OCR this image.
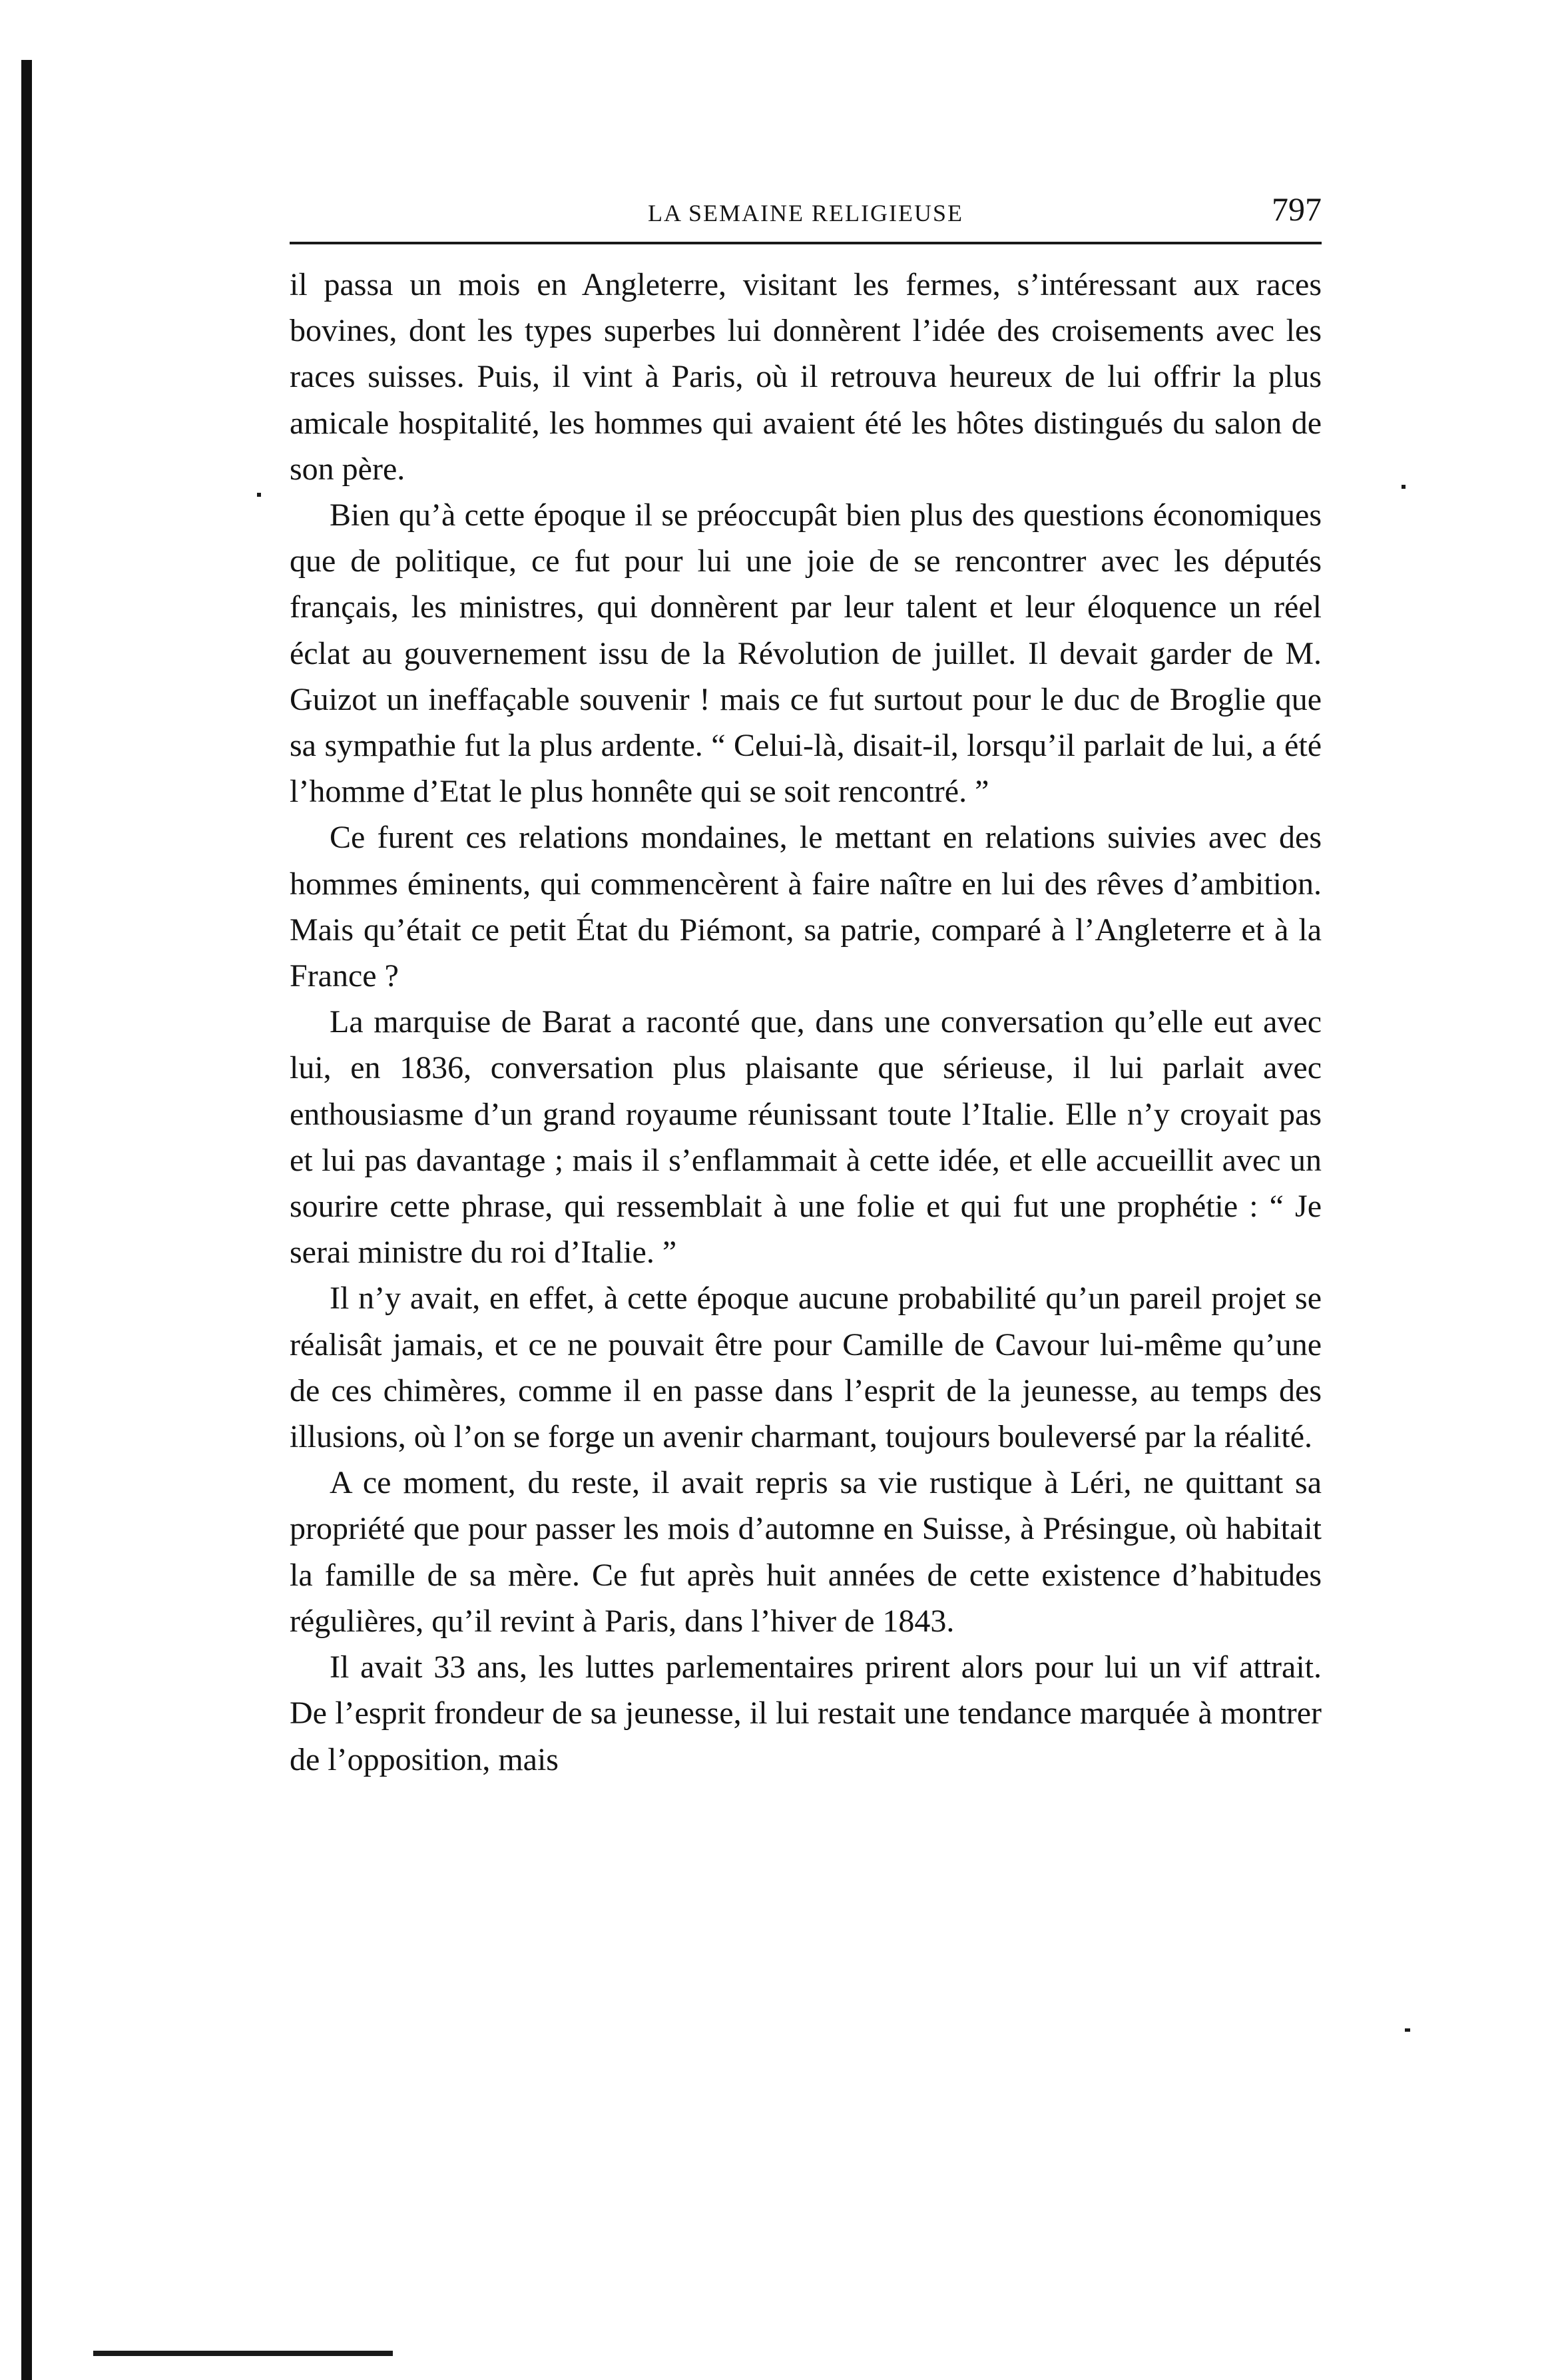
LA SEMAINE RELIGIEUSE	797

il passa un mois en Angleterre, visitant les fermes, s’intéressant aux races bovines, dont les types superbes lui donnèrent l’idée des croisements avec les races suisses. Puis, il vint à Paris, où il retrouva heureux de lui offrir la plus amicale hospitalité, les hommes qui avaient été les hôtes distingués du salon de son père.

Bien qu’à cette époque il se préoccupât bien plus des questions économiques que de politique, ce fut pour lui une joie de se rencontrer avec les députés français, les ministres, qui donnèrent par leur talent et leur éloquence un réel éclat au gouvernement issu de la Révolution de juillet. Il devait garder de M. Guizot un ineffaçable souvenir ! mais ce fut surtout pour le duc de Broglie que sa sympathie fut la plus ardente. “ Celui-là, disait-il, lorsqu’il parlait de lui, a été l’homme d’Etat le plus honnête qui se soit rencontré. ”

Ce furent ces relations mondaines, le mettant en relations suivies avec des hommes éminents, qui commencèrent à faire naître en lui des rêves d’ambition. Mais qu’était ce petit État du Piémont, sa patrie, comparé à l’Angleterre et à la France ?

La marquise de Barat a raconté que, dans une conversation qu’elle eut avec lui, en 1836, conversation plus plaisante que sérieuse, il lui parlait avec enthousiasme d’un grand royaume réunissant toute l’Italie. Elle n’y croyait pas et lui pas davantage ; mais il s’enflammait à cette idée, et elle accueillit avec un sourire cette phrase, qui ressemblait à une folie et qui fut une prophétie : “ Je serai ministre du roi d’Italie. ”

Il n’y avait, en effet, à cette époque aucune probabilité qu’un pareil projet se réalisât jamais, et ce ne pouvait être pour Camille de Cavour lui-même qu’une de ces chimères, comme il en passe dans l’esprit de la jeunesse, au temps des illusions, où l’on se forge un avenir charmant, toujours bouleversé par la réalité.

A ce moment, du reste, il avait repris sa vie rustique à Léri, ne quittant sa propriété que pour passer les mois d’automne en Suisse, à Présingue, où habitait la famille de sa mère. Ce fut après huit années de cette existence d’habitudes régulières, qu’il revint à Paris, dans l’hiver de 1843.

Il avait 33 ans, les luttes parlementaires prirent alors pour lui un vif attrait. De l’esprit frondeur de sa jeunesse, il lui restait une tendance marquée à montrer de l’opposition, mais
